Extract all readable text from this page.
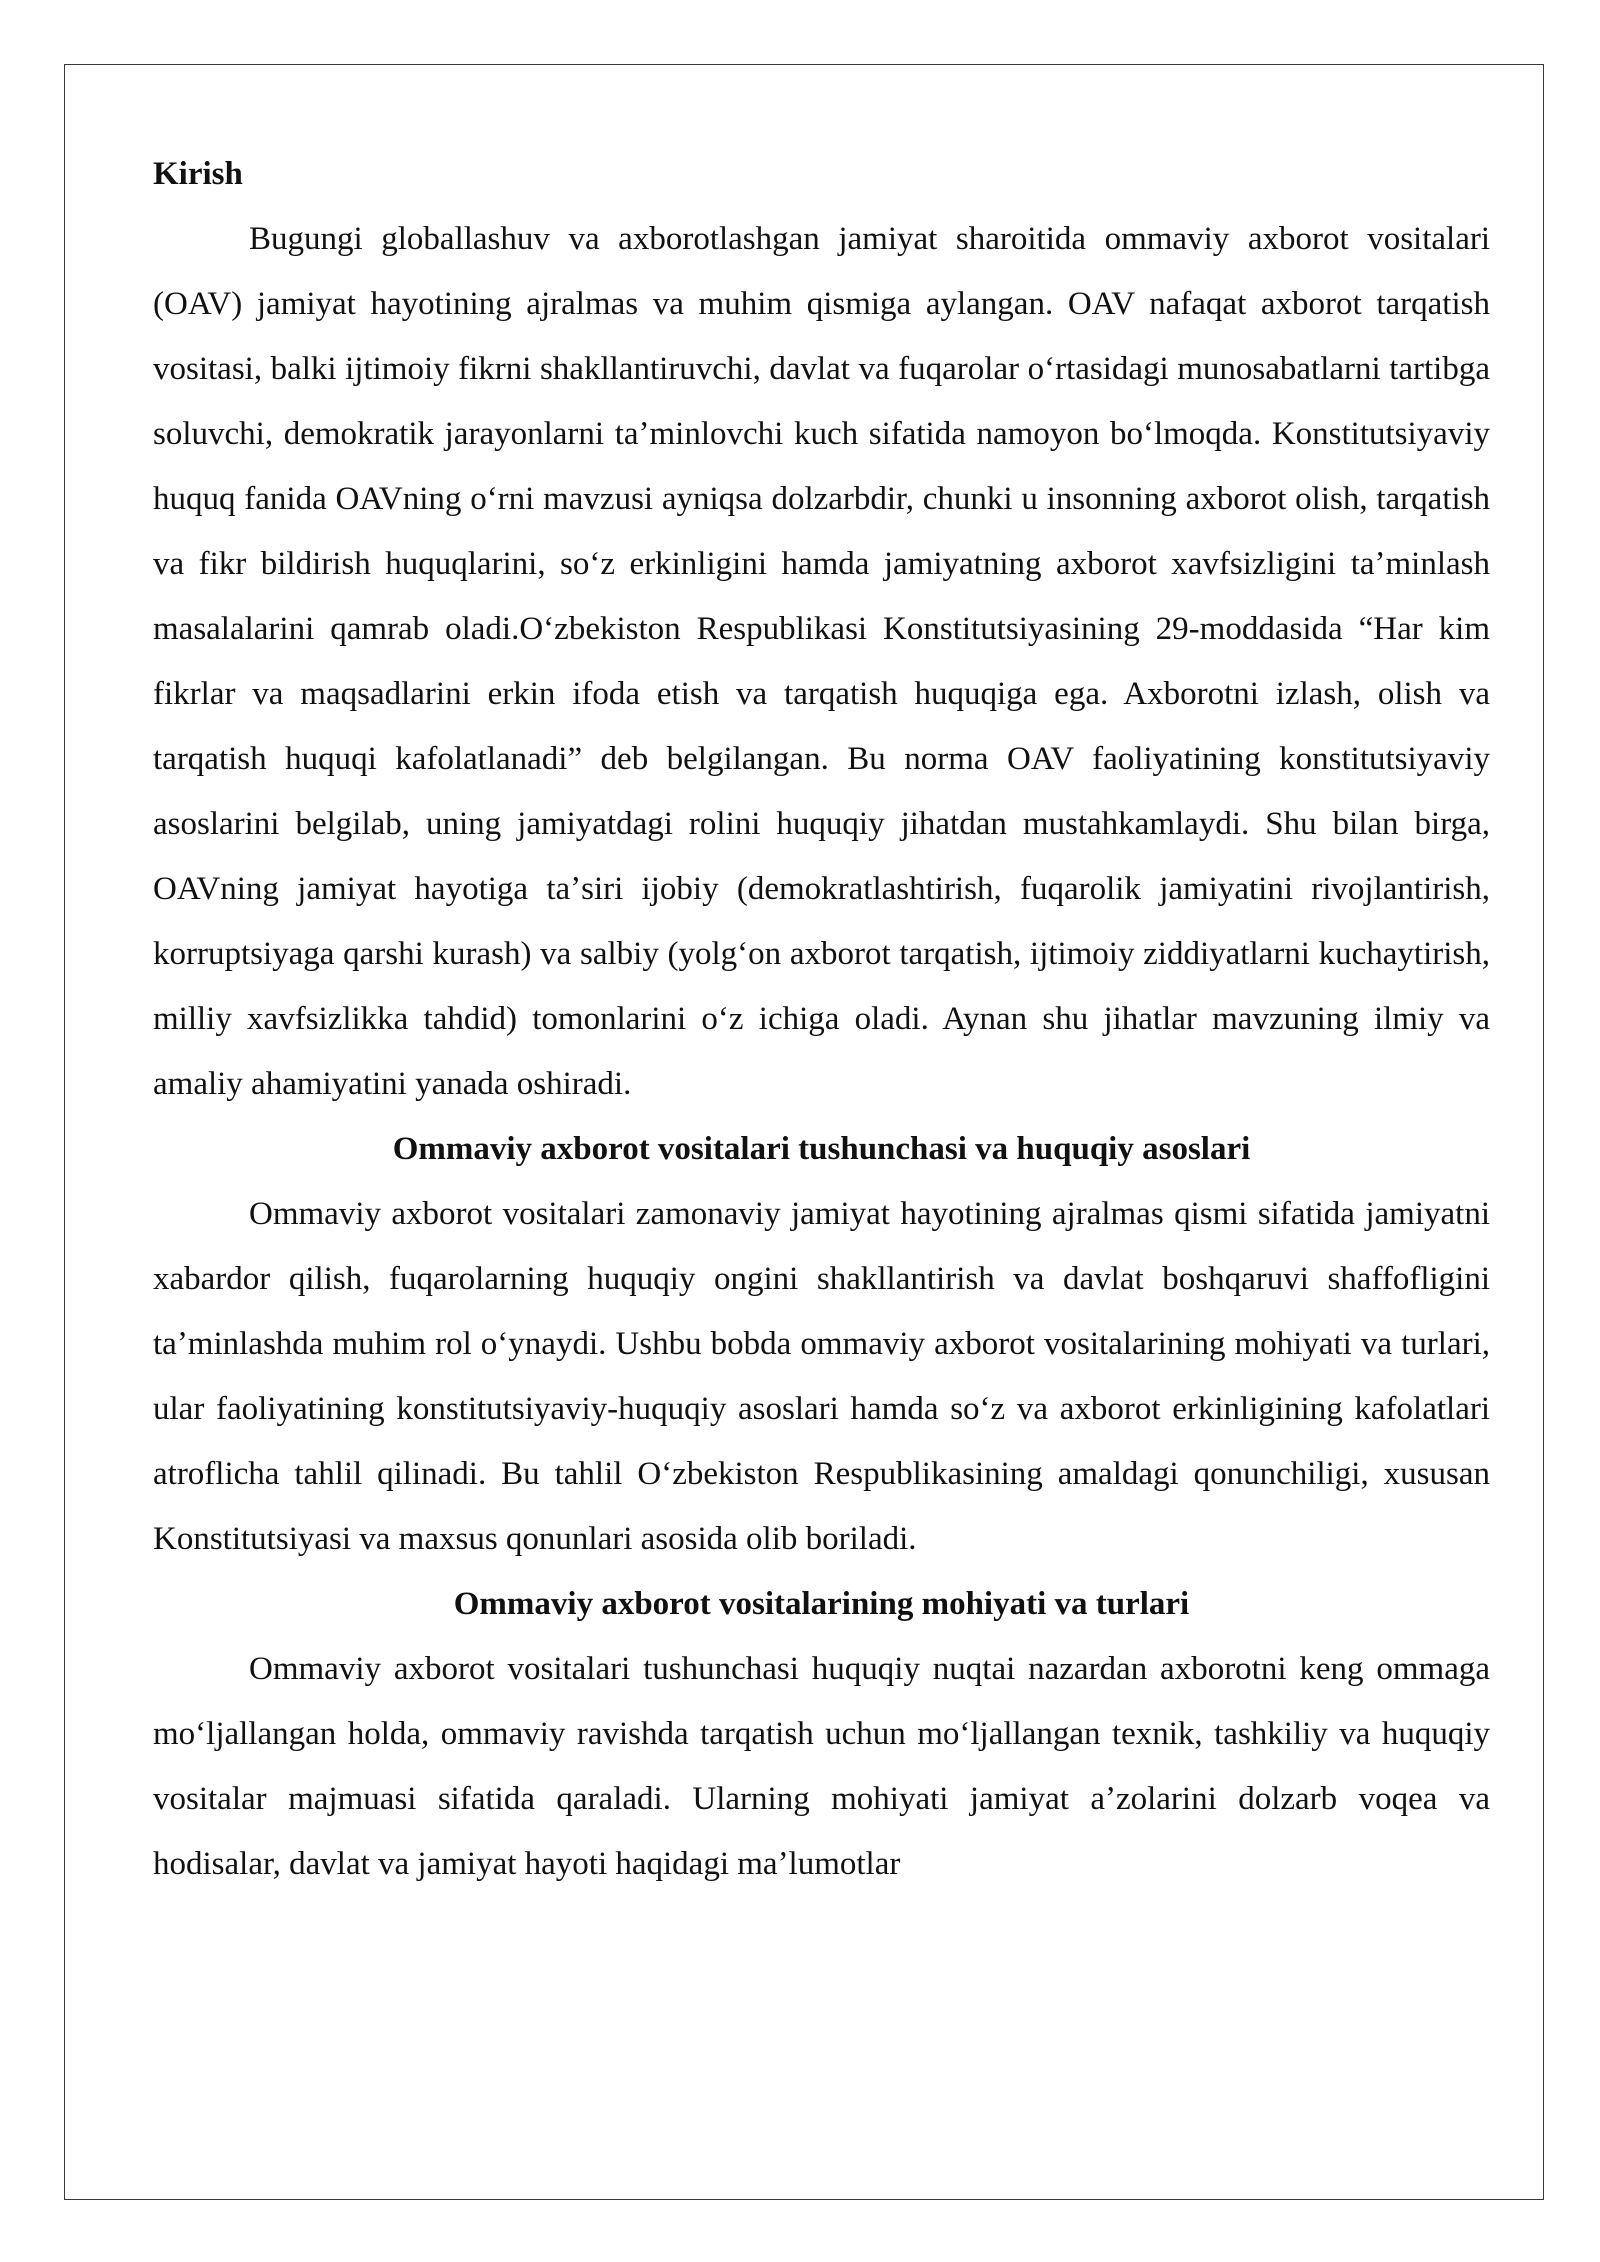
Kirish

Bugungi globallashuv va axborotlashgan jamiyat sharoitida ommaviy axborot vositalari (OAV) jamiyat hayotining ajralmas va muhim qismiga aylangan. OAV nafaqat axborot tarqatish vositasi, balki ijtimoiy fikrni shakllantiruvchi, davlat va fuqarolar oʻrtasidagi munosabatlarni tartibga soluvchi, demokratik jarayonlarni taʼminlovchi kuch sifatida namoyon boʻlmoqda. Konstitutsiyaviy huquq fanida OAVning oʻrni mavzusi ayniqsa dolzarbdir, chunki u insonning axborot olish, tarqatish va fikr bildirish huquqlarini, soʻz erkinligini hamda jamiyatning axborot xavfsizligini taʼminlash masalalarini qamrab oladi.Oʻzbekiston Respublikasi Konstitutsiyasining 29-moddasida “Har kim fikrlar va maqsadlarini erkin ifoda etish va tarqatish huquqiga ega. Axborotni izlash, olish va tarqatish huquqi kafolatlanadi” deb belgilangan. Bu norma OAV faoliyatining konstitutsiyaviy asoslarini belgilab, uning jamiyatdagi rolini huquqiy jihatdan mustahkamlaydi. Shu bilan birga, OAVning jamiyat hayotiga taʼsiri ijobiy (demokratlashtirish, fuqarolik jamiyatini rivojlantirish, korruptsiyaga qarshi kurash) va salbiy (yolgʻon axborot tarqatish, ijtimoiy ziddiyatlarni kuchaytirish, milliy xavfsizlikka tahdid) tomonlarini oʻz ichiga oladi. Aynan shu jihatlar mavzuning ilmiy va amaliy ahamiyatini yanada oshiradi.

Ommaviy axborot vositalari tushunchasi va huquqiy asoslari

Ommaviy axborot vositalari zamonaviy jamiyat hayotining ajralmas qismi sifatida jamiyatni xabardor qilish, fuqarolarning huquqiy ongini shakllantirish va davlat boshqaruvi shaffofligini taʼminlashda muhim rol oʻynaydi. Ushbu bobda ommaviy axborot vositalarining mohiyati va turlari, ular faoliyatining konstitutsiyaviy-huquqiy asoslari hamda soʻz va axborot erkinligining kafolatlari atroflicha tahlil qilinadi. Bu tahlil Oʻzbekiston Respublikasining amaldagi qonunchiligi, xususan Konstitutsiyasi va maxsus qonunlari asosida olib boriladi.

Ommaviy axborot vositalarining mohiyati va turlari

Ommaviy axborot vositalari tushunchasi huquqiy nuqtai nazardan axborotni keng ommaga moʻljallangan holda, ommaviy ravishda tarqatish uchun moʻljallangan texnik, tashkiliy va huquqiy vositalar majmuasi sifatida qaraladi. Ularning mohiyati jamiyat aʼzolarini dolzarb voqea va hodisalar, davlat va jamiyat hayoti haqidagi maʼlumotlar
